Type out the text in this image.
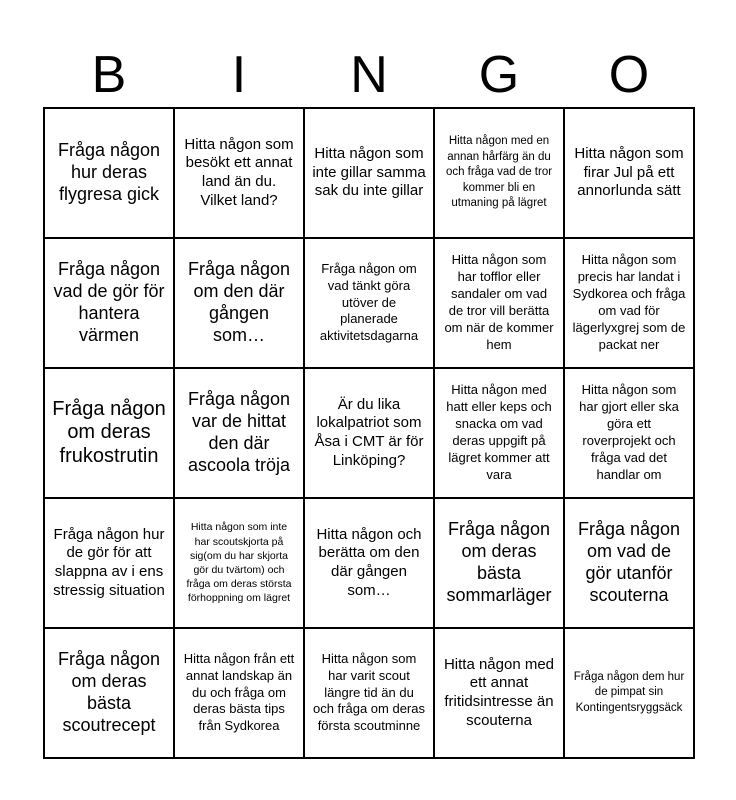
B	I	N	G	O
Fråga någon hur deras flygresa gick
Hitta någon som besökt ett annat land än du. Vilket land?
Hitta någon som inte gillar samma sak du inte gillar
Hitta någon med en annan hårfärg än du och fråga vad de tror kommer bli en utmaning på lägret
Hitta någon som firar Jul på ett annorlunda sätt
Fråga någon vad de gör för hantera värmen
Fråga någon om den där gången som…
Fråga någon om vad tänkt göra utöver de planerade aktivitetsdagarna
Hitta någon som har tofflor eller sandaler om vad de tror vill berätta om när de kommer hem
Hitta någon som precis har landat i Sydkorea och fråga om vad för lägerlyxgrej som de packat ner
Fråga någon om deras frukostrutin
Fråga någon var de hittat den där ascoola tröja
Är du lika lokalpatriot som Åsa i CMT är för Linköping?
Hitta någon med hatt eller keps och snacka om vad deras uppgift på lägret kommer att vara
Hitta någon som har gjort eller ska göra ett roverprojekt och fråga vad det handlar om
Fråga någon hur de gör för att slappna av i ens stressig situation
Hitta någon som inte har scoutskjorta på sig(om du har skjorta gör du tvärtom) och fråga om deras största förhoppning om lägret
Hitta någon och berätta om den där gången som…
Fråga någon om deras bästa sommarläger
Fråga någon om vad de gör utanför scouterna
Fråga någon om deras bästa scoutrecept
Hitta någon från ett annat landskap än du och fråga om deras bästa tips från Sydkorea
Hitta någon som har varit scout längre tid än du och fråga om deras första scoutminne
Hitta någon med ett annat fritidsintresse än scouterna
Fråga någon dem hur de pimpat sin Kontingentsryggsäck
